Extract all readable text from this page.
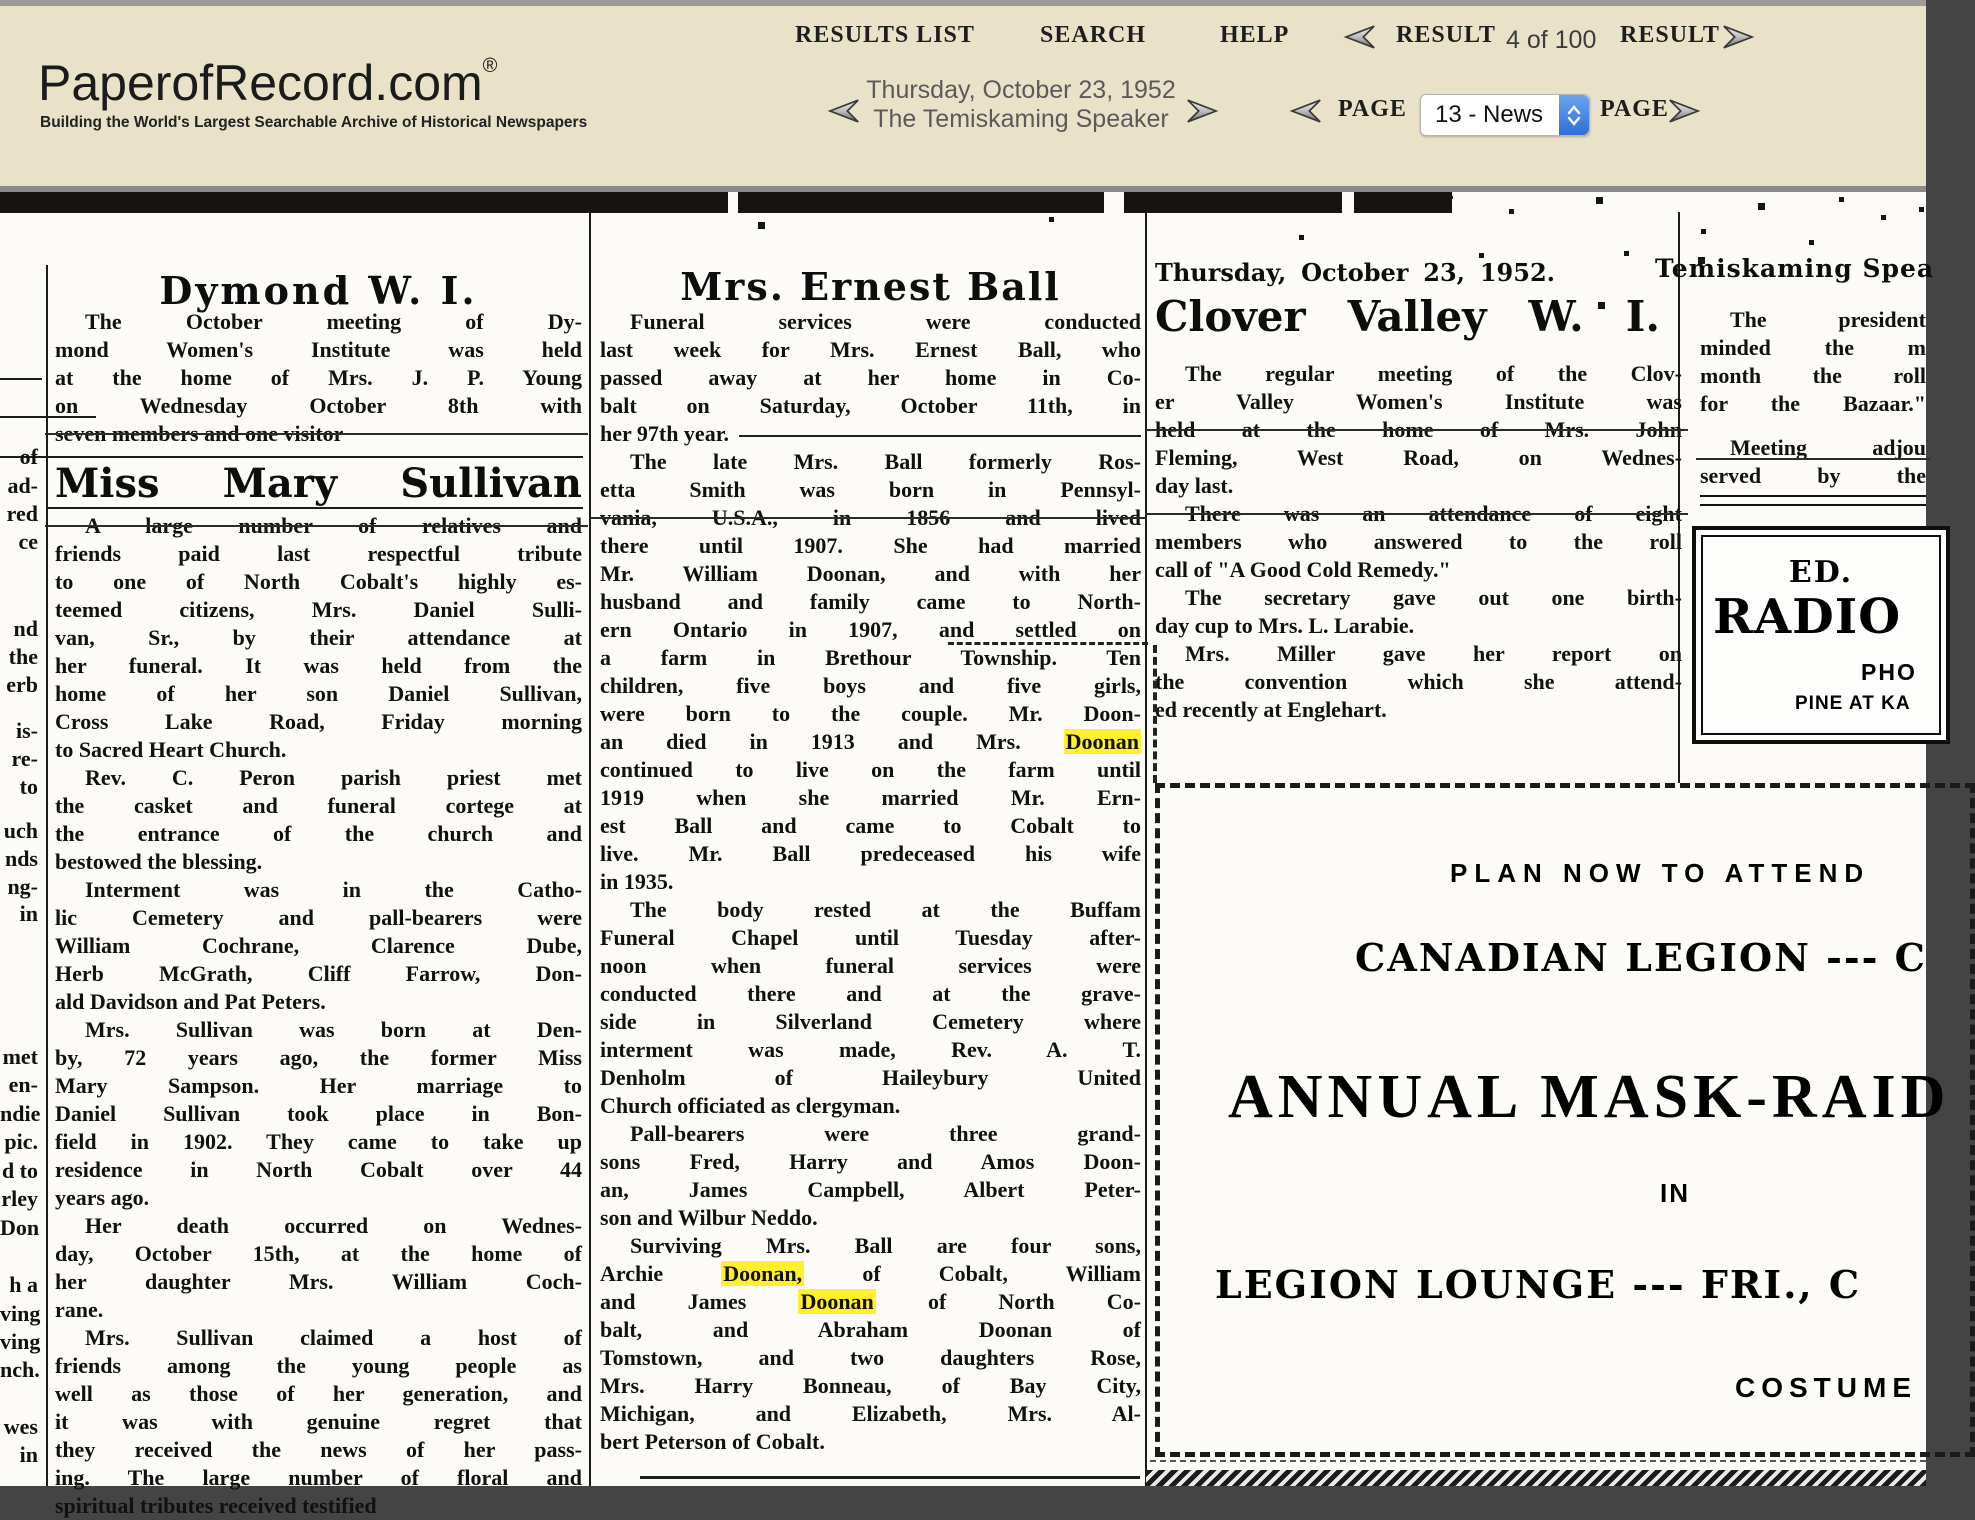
PaperofRecord.com®
Building the World's Largest Searchable Archive of Historical Newspapers
RESULTS LIST	SEARCH	HELP	RESULT 4 of 100 RESULT
Thursday, October 23, 1952
The Temiskaming Speaker	PAGE	13 - News	PAGE
of
ad-
red
ce
nd
the
erb
is-
re-
to
uch
nds
ng-
in
met
en-
ndie
pic.
d to
rley
Don
h a
ving
ving
nch.
wes
in
Dymond W. I.
The October meeting of Dy-
mond Women's Institute was held
at the home of Mrs. J. P. Young
on Wednesday October 8th with
seven members and one visitor
Miss Mary Sullivan
A large number of relatives and
friends paid last respectful tribute
to one of North Cobalt's highly es-
teemed citizens, Mrs. Daniel Sulli-
van, Sr., by their attendance at
her funeral. It was held from the
home of her son Daniel Sullivan,
Cross Lake Road, Friday morning
to Sacred Heart Church.
Rev. C. Peron parish priest met
the casket and funeral cortege at
the entrance of the church and
bestowed the blessing.
Interment was in the Catho-
lic Cemetery and pall-bearers were
William Cochrane, Clarence Dube,
Herb McGrath, Cliff Farrow, Don-
ald Davidson and Pat Peters.
Mrs. Sullivan was born at Den-
by, 72 years ago, the former Miss
Mary Sampson. Her marriage to
Daniel Sullivan took place in Bon-
field in 1902. They came to take up
residence in North Cobalt over 44
years ago.
Her death occurred on Wednes-
day, October 15th, at the home of
her daughter Mrs. William Coch-
rane.
Mrs. Sullivan claimed a host of
friends among the young people as
well as those of her generation, and
it was with genuine regret that
they received the news of her pass-
ing. The large number of floral and
spiritual tributes received testified
Mrs. Ernest Ball
Funeral services were conducted
last week for Mrs. Ernest Ball, who
passed away at her home in Co-
balt on Saturday, October 11th, in
her 97th year.
The late Mrs. Ball formerly Ros-
etta Smith was born in Pennsyl-
vania, U.S.A., in 1856 and lived
there until 1907. She had married
Mr. William Doonan, and with her
husband and family came to North-
ern Ontario in 1907, and settled on
a farm in Brethour Township. Ten
children, five boys and five girls,
were born to the couple. Mr. Doon-
an died in 1913 and Mrs. Doonan
continued to live on the farm until
1919 when she married Mr. Ern-
est Ball and came to Cobalt to
live. Mr. Ball predeceased his wife
in 1935.
The body rested at the Buffam
Funeral Chapel until Tuesday after-
noon when funeral services were
conducted there and at the grave-
side in Silverland Cemetery where
interment was made, Rev. A. T.
Denholm of Haileybury United
Church officiated as clergyman.
Pall-bearers were three grand-
sons Fred, Harry and Amos Doon-
an, James Campbell, Albert Peter-
son and Wilbur Neddo.
Surviving Mrs. Ball are four sons,
Archie Doonan, of Cobalt, William
and James Doonan of North Co-
balt, and Abraham Doonan of
Tomstown, and two daughters Rose,
Mrs. Harry Bonneau, of Bay City,
Michigan, and Elizabeth, Mrs. Al-
bert Peterson of Cobalt.
Thursday, October 23, 1952.
Clover Valley W. I.
The regular meeting of the Clov-
er Valley Women's Institute was
held at the home of Mrs. John
Fleming, West Road, on Wednes-
day last.
There was an attendance of eight
members who answered to the roll
call of "A Good Cold Remedy."
The secretary gave out one birth-
day cup to Mrs. L. Larabie.
Mrs. Miller gave her report on
the convention which she attend-
ed recently at Englehart.
Temiskaming Spea
The president
minded the m
month the roll
for the Bazaar."
Meeting adjou
served by the
ED.
RADIO
PHO
PINE AT KA
PLAN NOW TO ATTEND
CANADIAN LEGION --- C
ANNUAL MASK-RAID
IN
LEGION LOUNGE --- FRI., C
COSTUME
